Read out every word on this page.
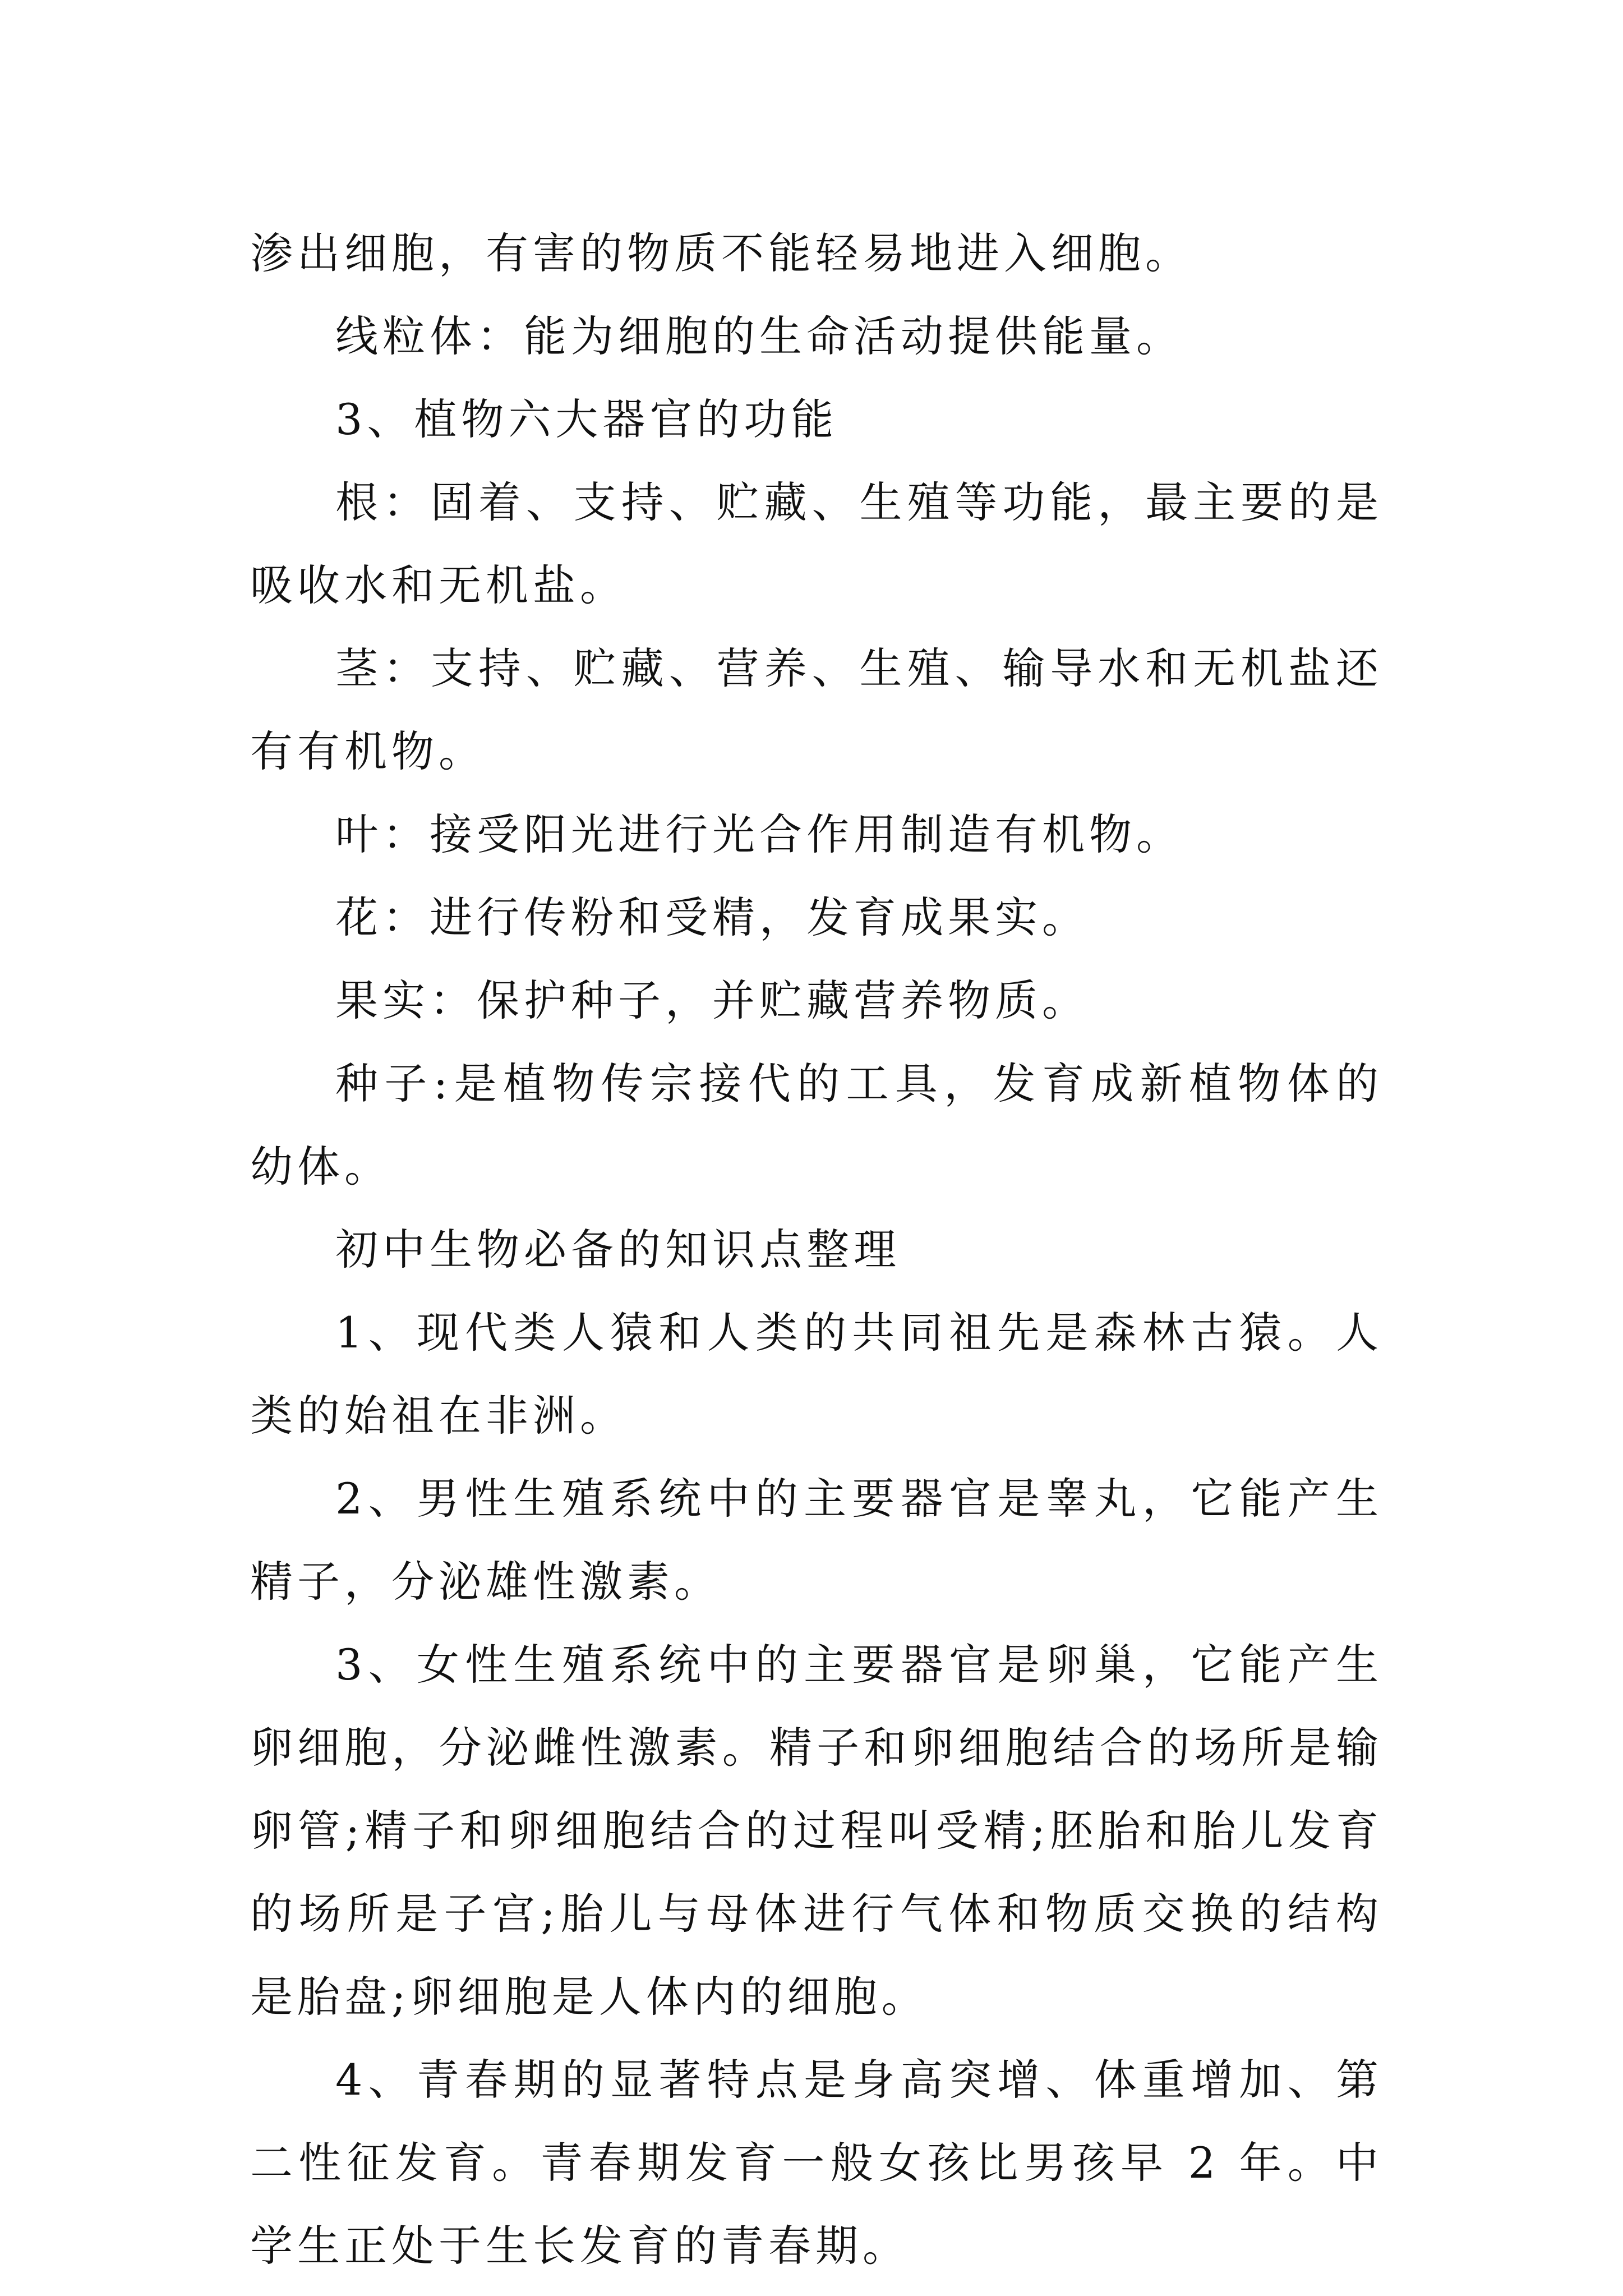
渗出细胞，有害的物质不能轻易地进入细胞。

线粒体：能为细胞的生命活动提供能量。

3、植物六大器官的功能

根：固着、支持、贮藏、生殖等功能，最主要的是吸收水和无机盐。

茎：支持、贮藏、营养、生殖、输导水和无机盐还有有机物。

叶：接受阳光进行光合作用制造有机物。

花：进行传粉和受精，发育成果实。

果实：保护种子，并贮藏营养物质。

种子:是植物传宗接代的工具，发育成新植物体的幼体。

初中生物必备的知识点整理

1、现代类人猿和人类的共同祖先是森林古猿。人类的始祖在非洲。

2、男性生殖系统中的主要器官是睾丸，它能产生精子，分泌雄性激素。

3、女性生殖系统中的主要器官是卵巢，它能产生卵细胞，分泌雌性激素。精子和卵细胞结合的场所是输卵管;精子和卵细胞结合的过程叫受精;胚胎和胎儿发育的场所是子宫;胎儿与母体进行气体和物质交换的结构是胎盘;卵细胞是人体内的细胞。

4、青春期的显著特点是身高突增、体重增加、第二性征发育。青春期发育一般女孩比男孩早 2 年。中学生正处于生长发育的青春期。
